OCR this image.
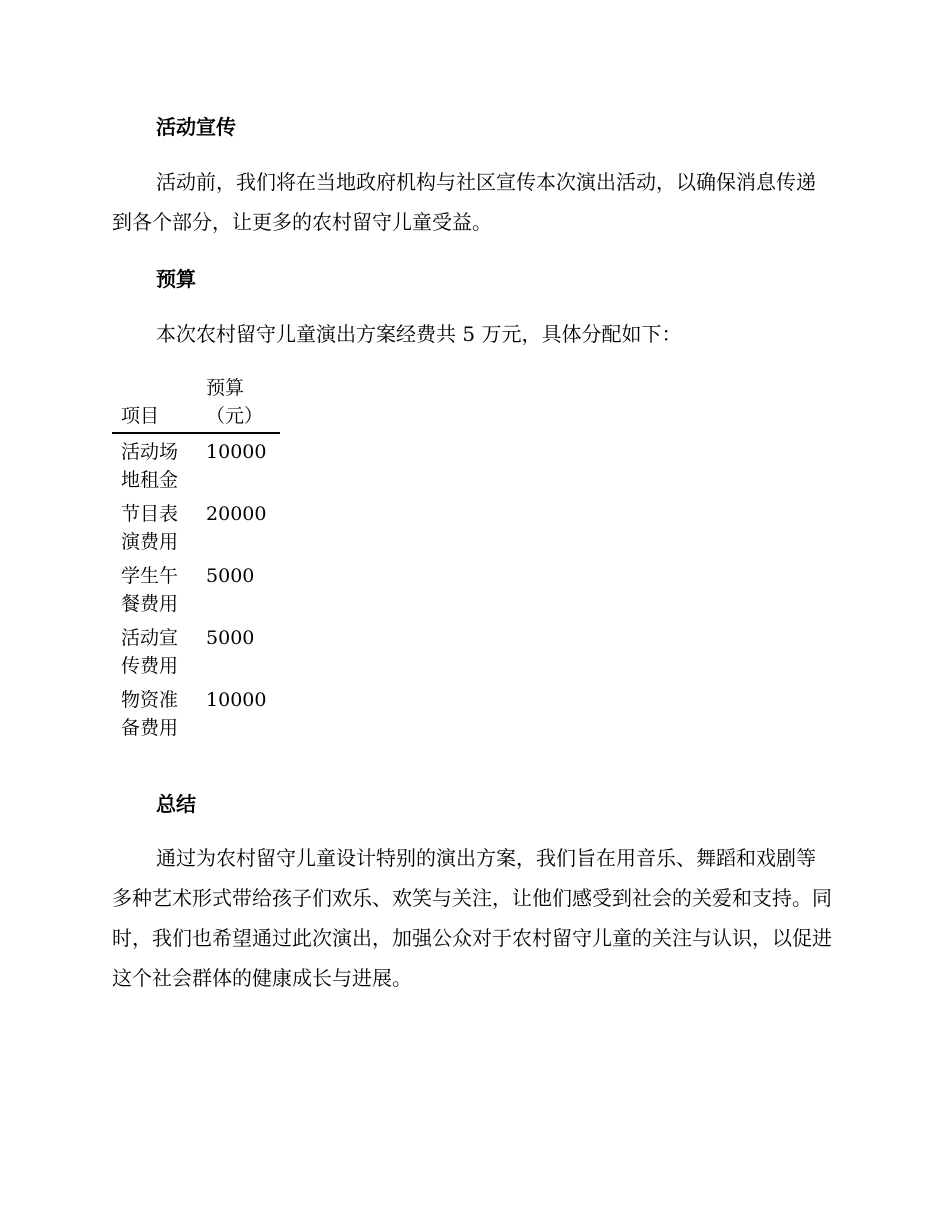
活动宣传

活动前，我们将在当地政府机构与社区宣传本次演出活动，以确保消息传递到各个部分，让更多的农村留守儿童受益。

预算

本次农村留守儿童演出方案经费共 5 万元，具体分配如下：

项目	预算（元）

活动场地租金	10000

节目表演费用	20000

学生午餐费用	5000

活动宣传费用	5000

物资准备费用	10000
总结

通过为农村留守儿童设计特别的演出方案，我们旨在用音乐、舞蹈和戏剧等多种艺术形式带给孩子们欢乐、欢笑与关注，让他们感受到社会的关爱和支持。同时，我们也希望通过此次演出，加强公众对于农村留守儿童的关注与认识，以促进这个社会群体的健康成长与进展。
